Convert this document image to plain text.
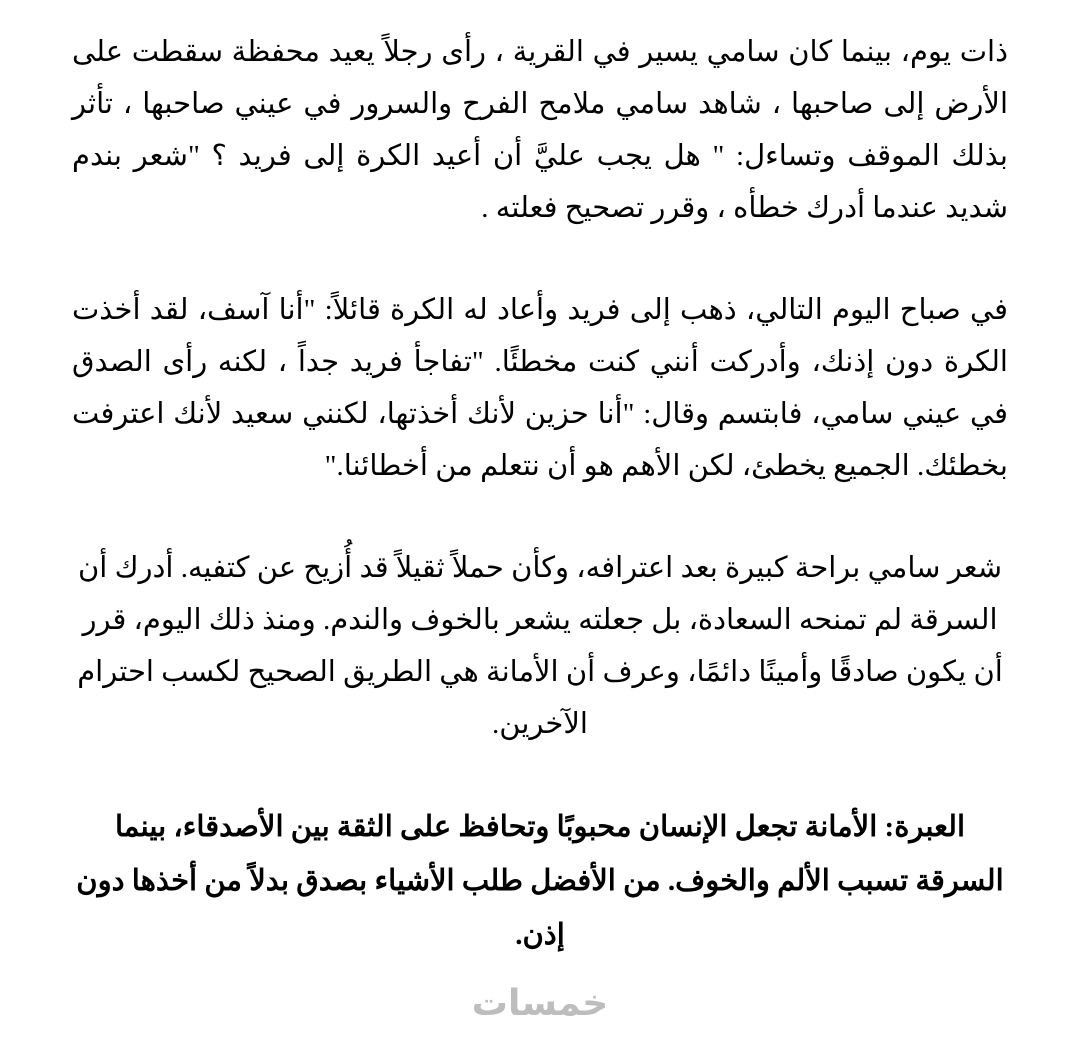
ذات يوم، بينما كان سامي يسير في القرية ، رأى رجلاً يعيد محفظة سقطت على الأرض إلى صاحبها ، شاهد سامي ملامح الفرح والسرور في عيني صاحبها ، تأثر بذلك الموقف وتساءل: " هل يجب عليَّ أن أعيد الكرة إلى فريد ؟ "شعر بندم شديد عندما أدرك خطأه ، وقرر تصحيح فعلته .

في صباح اليوم التالي، ذهب إلى فريد وأعاد له الكرة قائلاً: "أنا آسف، لقد أخذت الكرة دون إذنك، وأدركت أنني كنت مخطئًا. "تفاجأ فريد جداً ، لكنه رأى الصدق في عيني سامي، فابتسم وقال: "أنا حزين لأنك أخذتها، لكنني سعيد لأنك اعترفت بخطئك. الجميع يخطئ، لكن الأهم هو أن نتعلم من أخطائنا."

شعر سامي براحة كبيرة بعد اعترافه، وكأن حملاً ثقيلاً قد أُزيح عن كتفيه. أدرك أن السرقة لم تمنحه السعادة، بل جعلته يشعر بالخوف والندم. ومنذ ذلك اليوم، قرر أن يكون صادقًا وأمينًا دائمًا، وعرف أن الأمانة هي الطريق الصحيح لكسب احترام الآخرين.

العبرة: الأمانة تجعل الإنسان محبوبًا وتحافظ على الثقة بين الأصدقاء، بينما السرقة تسبب الألم والخوف. من الأفضل طلب الأشياء بصدق بدلاً من أخذها دون إذن.

خمسات
